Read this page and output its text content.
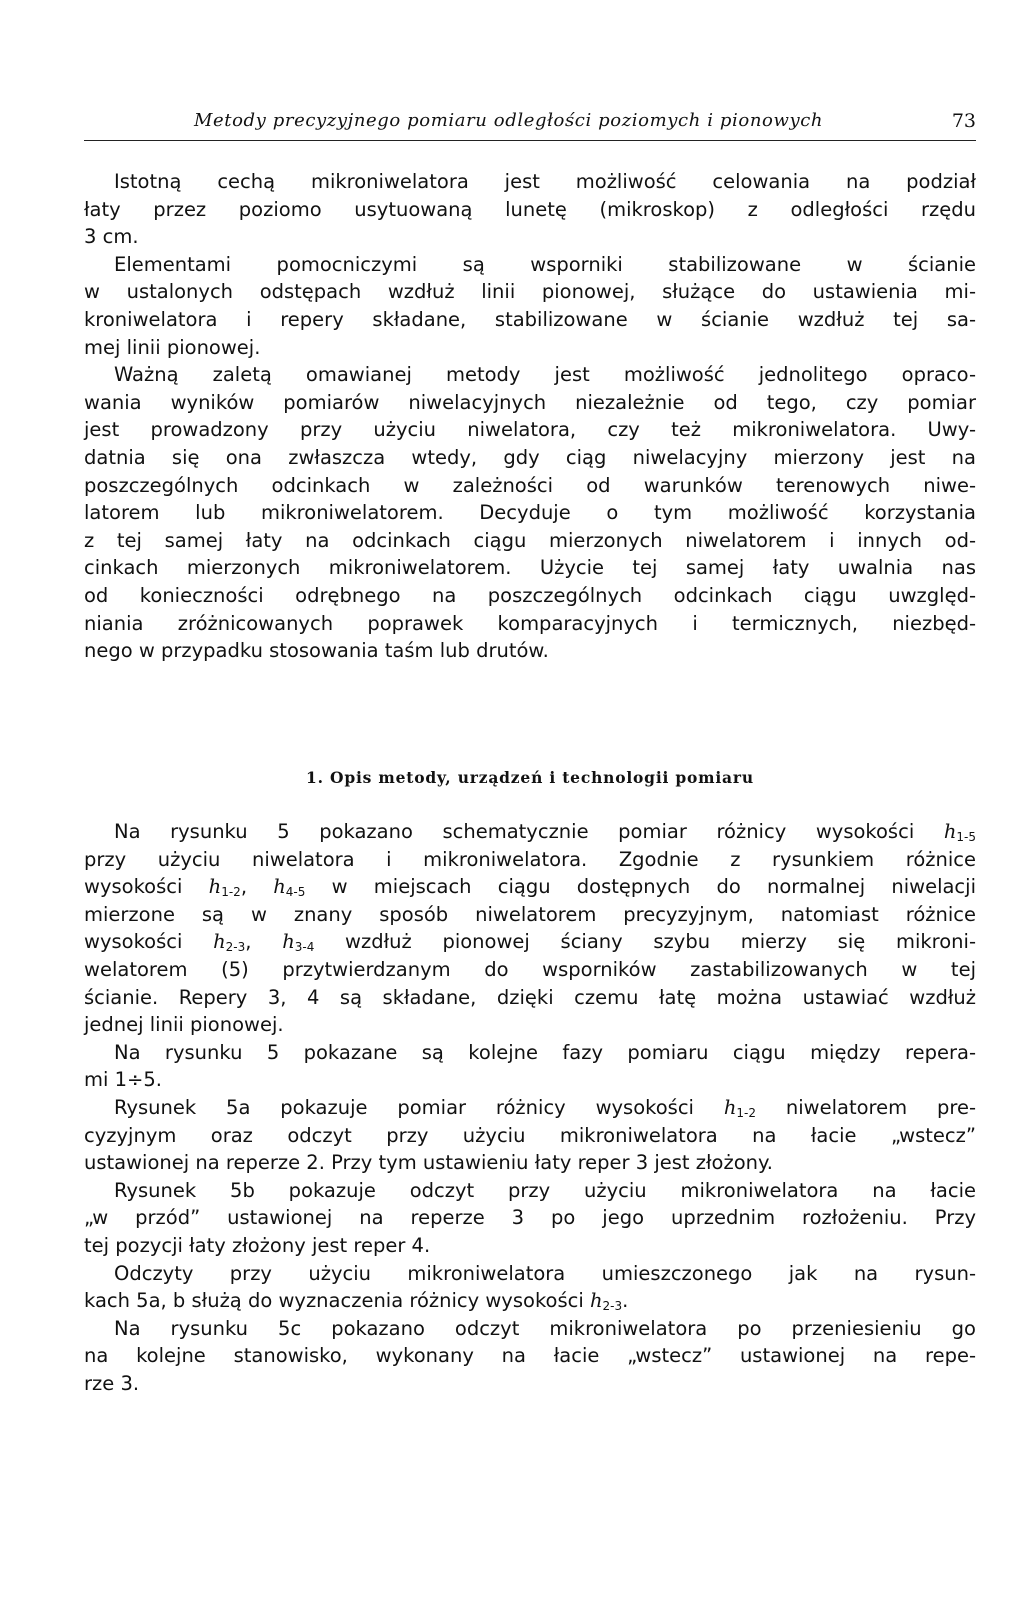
Metody precyzyjnego pomiaru odległości poziomych i pionowych	73
Istotną cechą mikroniwelatora jest możliwość celowania na podział
łaty przez poziomo usytuowaną lunetę (mikroskop) z odległości rzędu
3 cm.
Elementami pomocniczymi są wsporniki stabilizowane w ścianie
w ustalonych odstępach wzdłuż linii pionowej, służące do ustawienia mi-
kroniwelatora i repery składane, stabilizowane w ścianie wzdłuż tej sa-
mej linii pionowej.
Ważną zaletą omawianej metody jest możliwość jednolitego opraco-
wania wyników pomiarów niwelacyjnych niezależnie od tego, czy pomiar
jest prowadzony przy użyciu niwelatora, czy też mikroniwelatora. Uwy-
datnia się ona zwłaszcza wtedy, gdy ciąg niwelacyjny mierzony jest na
poszczególnych odcinkach w zależności od warunków terenowych niwe-
latorem lub mikroniwelatorem. Decyduje o tym możliwość korzystania
z tej samej łaty na odcinkach ciągu mierzonych niwelatorem i innych od-
cinkach mierzonych mikroniwelatorem. Użycie tej samej łaty uwalnia nas
od konieczności odrębnego na poszczególnych odcinkach ciągu uwzględ-
niania zróżnicowanych poprawek komparacyjnych i termicznych, niezbęd-
nego w przypadku stosowania taśm lub drutów.
1. Opis metody, urządzeń i technologii pomiaru
Na rysunku 5 pokazano schematycznie pomiar różnicy wysokości $h_{1-5}$
przy użyciu niwelatora i mikroniwelatora. Zgodnie z rysunkiem różnice
wysokości $h_{1-2}$, $h_{4-5}$ w miejscach ciągu dostępnych do normalnej niwelacji
mierzone są w znany sposób niwelatorem precyzyjnym, natomiast różnice
wysokości $h_{2-3}$, $h_{3-4}$ wzdłuż pionowej ściany szybu mierzy się mikroni-
welatorem (5) przytwierdzanym do wsporników zastabilizowanych w tej
ścianie. Repery 3, 4 są składane, dzięki czemu łatę można ustawiać wzdłuż
jednej linii pionowej.
Na rysunku 5 pokazane są kolejne fazy pomiaru ciągu między repera-
mi 1÷5.
Rysunek 5a pokazuje pomiar różnicy wysokości $h_{1-2}$ niwelatorem pre-
cyzyjnym oraz odczyt przy użyciu mikroniwelatora na łacie „wstecz”
ustawionej na reperze 2. Przy tym ustawieniu łaty reper 3 jest złożony.
Rysunek 5b pokazuje odczyt przy użyciu mikroniwelatora na łacie
„w przód” ustawionej na reperze 3 po jego uprzednim rozłożeniu. Przy
tej pozycji łaty złożony jest reper 4.
Odczyty przy użyciu mikroniwelatora umieszczonego jak na rysun-
kach 5a, b służą do wyznaczenia różnicy wysokości $h_{2-3}$.
Na rysunku 5c pokazano odczyt mikroniwelatora po przeniesieniu go
na kolejne stanowisko, wykonany na łacie „wstecz” ustawionej na repe-
rze 3.
